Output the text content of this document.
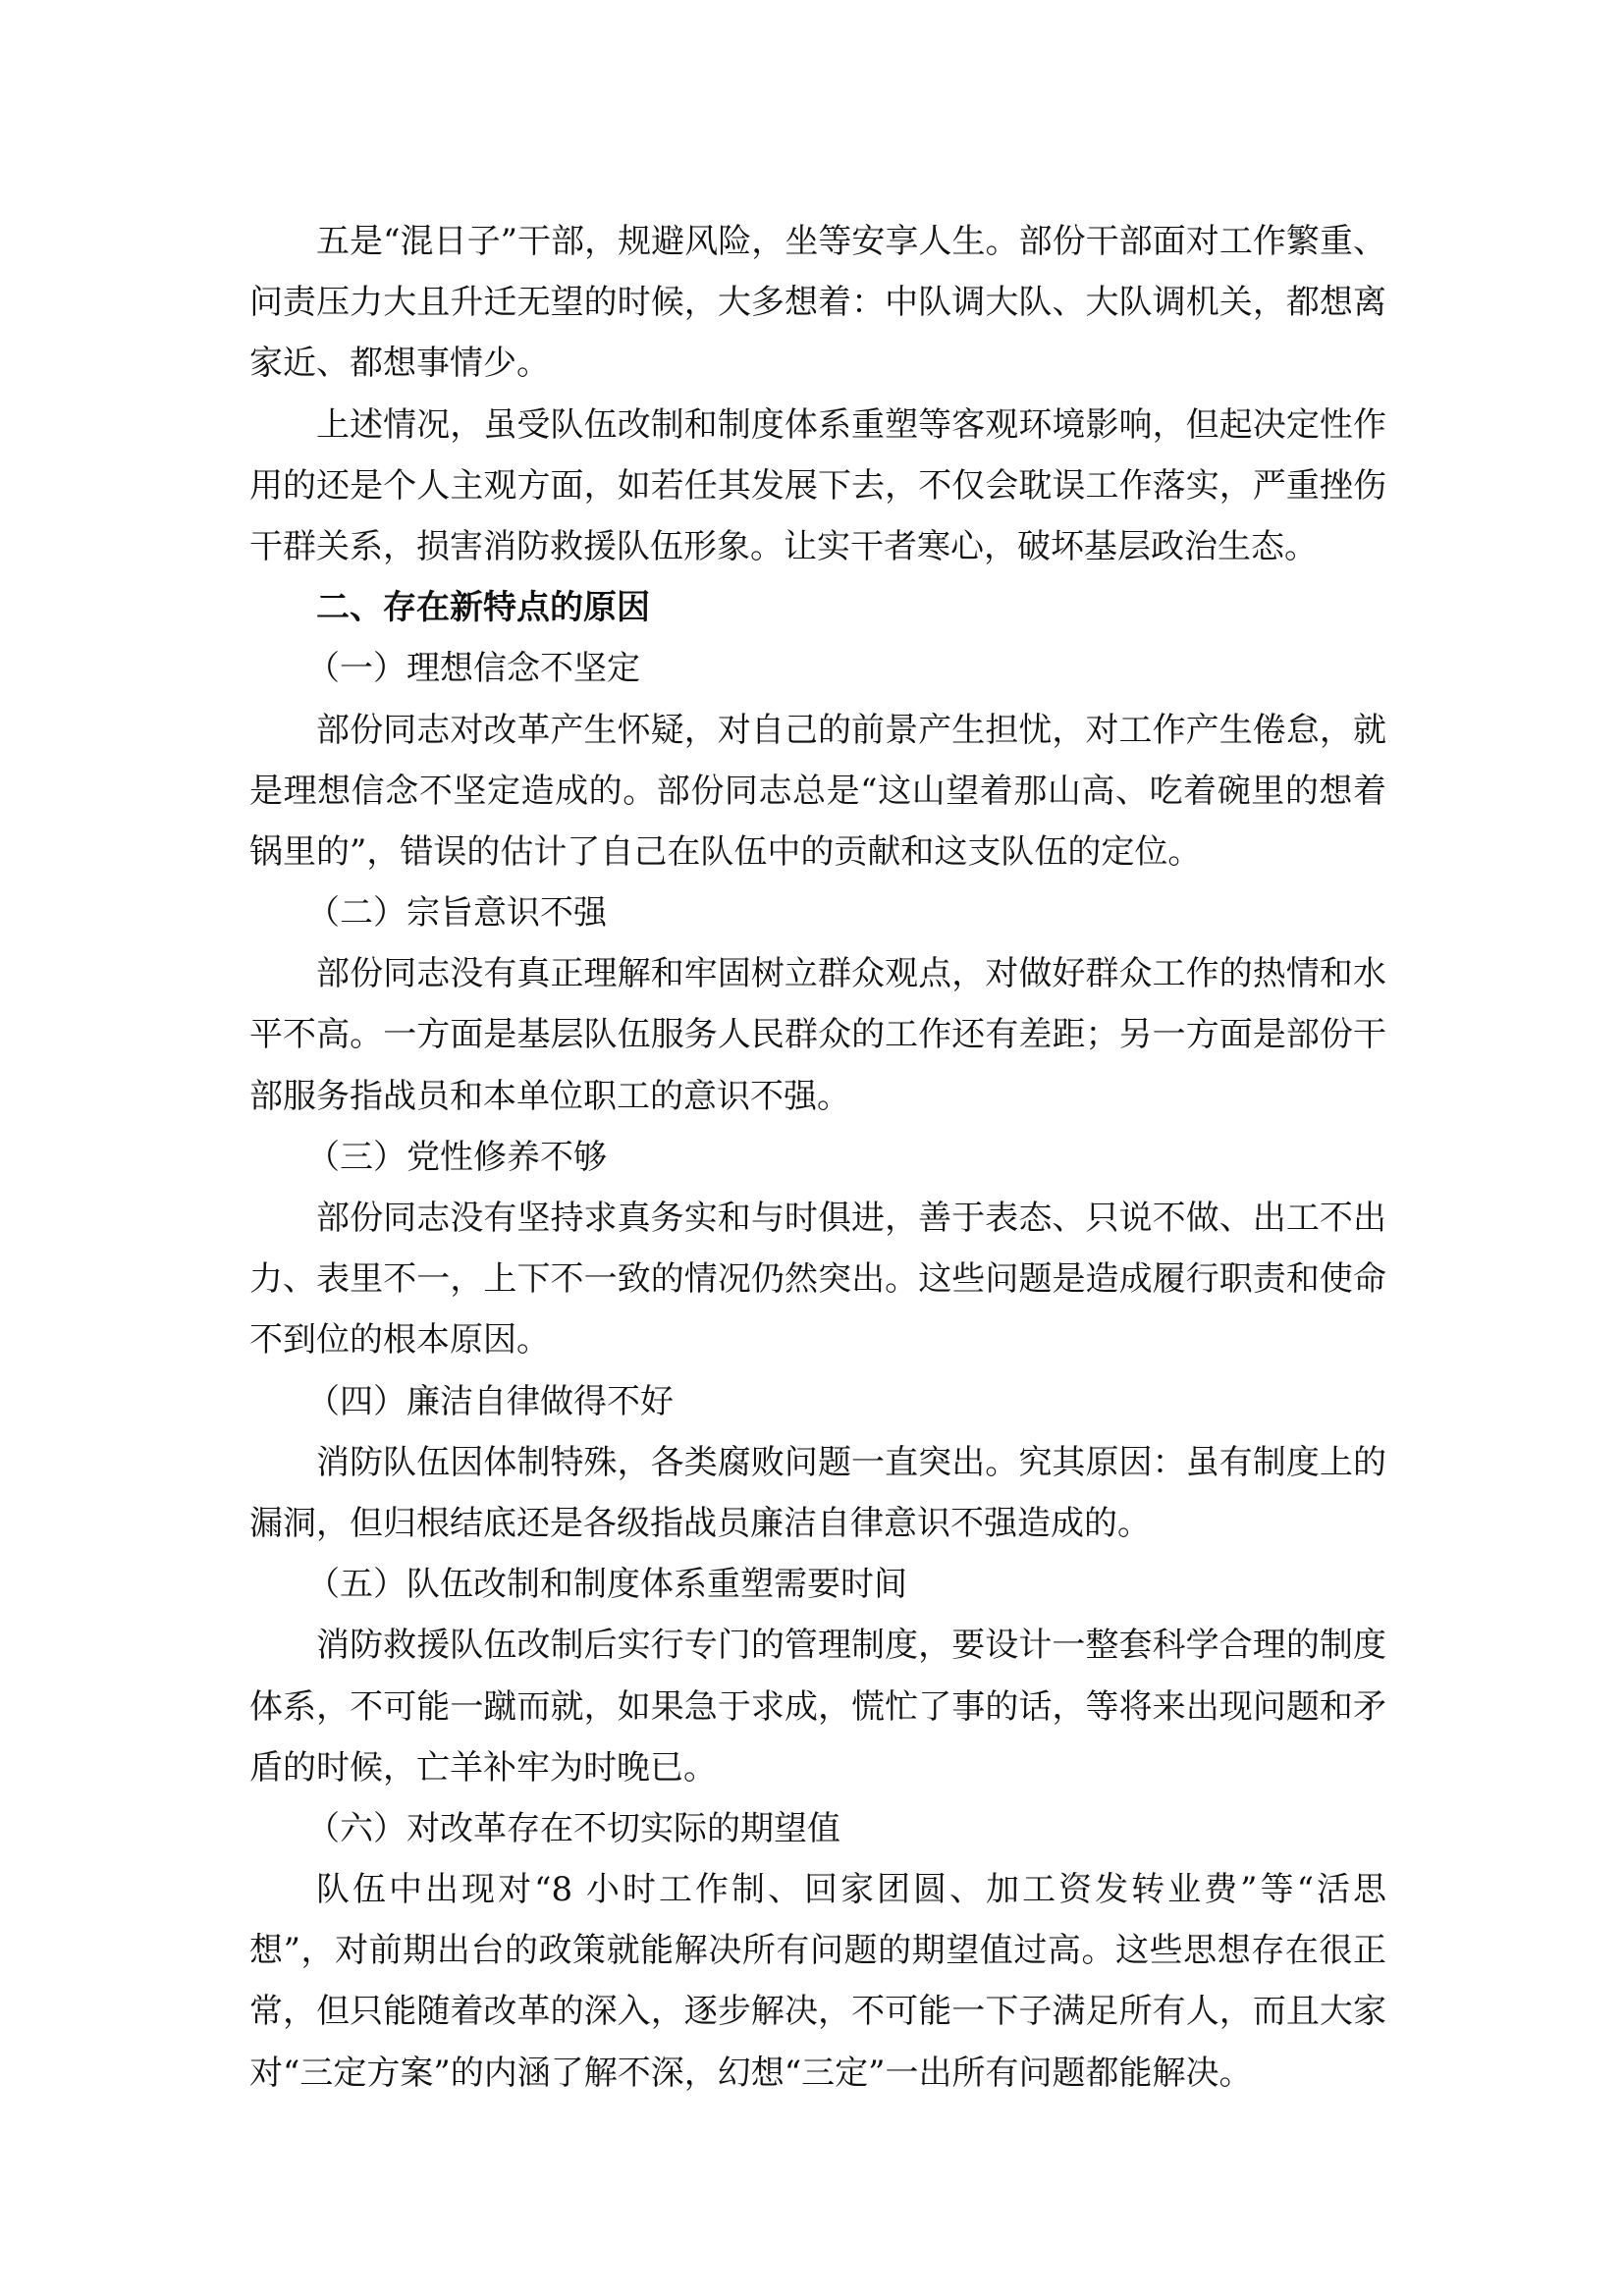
五是“混日子”干部，规避风险，坐等安享人生。部份干部面对工作繁重、
问责压力大且升迁无望的时候，大多想着：中队调大队、大队调机关，都想离
家近、都想事情少。
上述情况，虽受队伍改制和制度体系重塑等客观环境影响，但起决定性作
用的还是个人主观方面，如若任其发展下去，不仅会耽误工作落实，严重挫伤
干群关系，损害消防救援队伍形象。让实干者寒心，破坏基层政治生态。
二、存在新特点的原因
（一）理想信念不坚定
部份同志对改革产生怀疑，对自己的前景产生担忧，对工作产生倦怠，就
是理想信念不坚定造成的。部份同志总是“这山望着那山高、吃着碗里的想着
锅里的”，错误的估计了自己在队伍中的贡献和这支队伍的定位。
（二）宗旨意识不强
部份同志没有真正理解和牢固树立群众观点，对做好群众工作的热情和水
平不高。一方面是基层队伍服务人民群众的工作还有差距；另一方面是部份干
部服务指战员和本单位职工的意识不强。
（三）党性修养不够
部份同志没有坚持求真务实和与时俱进，善于表态、只说不做、出工不出
力、表里不一，上下不一致的情况仍然突出。这些问题是造成履行职责和使命
不到位的根本原因。
（四）廉洁自律做得不好
消防队伍因体制特殊，各类腐败问题一直突出。究其原因：虽有制度上的
漏洞，但归根结底还是各级指战员廉洁自律意识不强造成的。
（五）队伍改制和制度体系重塑需要时间
消防救援队伍改制后实行专门的管理制度，要设计一整套科学合理的制度
体系，不可能一蹴而就，如果急于求成，慌忙了事的话，等将来出现问题和矛
盾的时候，亡羊补牢为时晚已。
（六）对改革存在不切实际的期望值
队伍中出现对“8 小时工作制、回家团圆、加工资发转业费”等“活思
想”，对前期出台的政策就能解决所有问题的期望值过高。这些思想存在很正
常，但只能随着改革的深入，逐步解决，不可能一下子满足所有人，而且大家
对“三定方案”的内涵了解不深，幻想“三定”一出所有问题都能解决。
